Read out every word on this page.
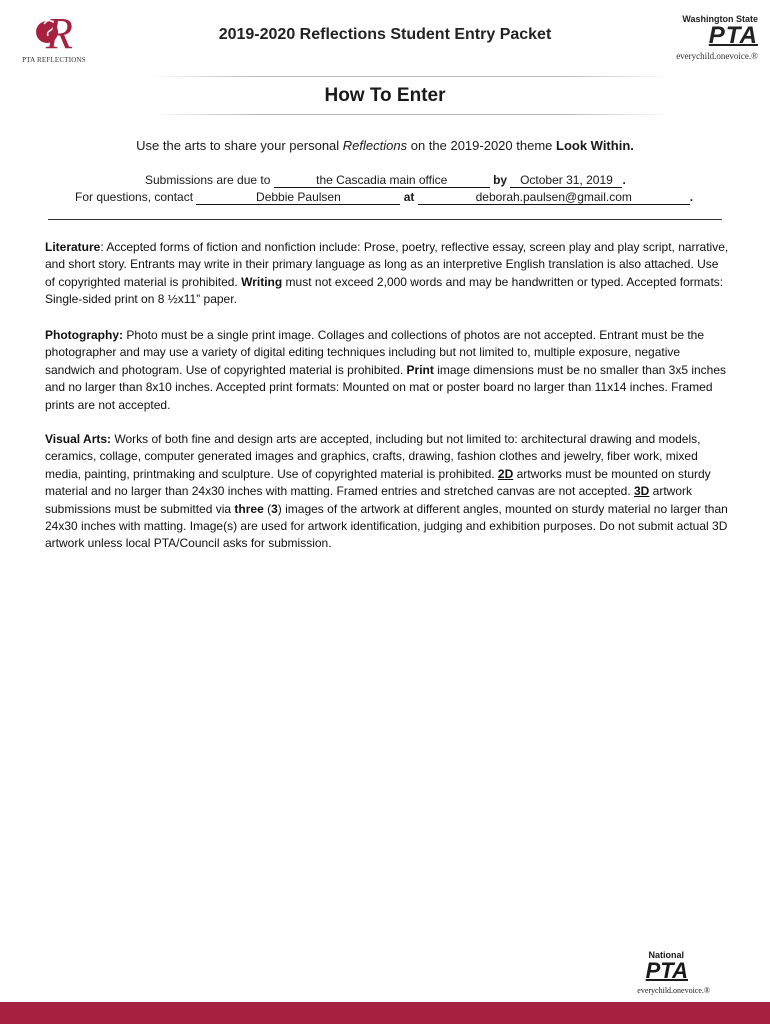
R
PTA REFLECTIONS
2019-2020 Reflections Student Entry Packet
Washington State
PTA
everychild.onevoice.®
How To Enter
Use the arts to share your personal Reflections on the 2019-2020 theme Look Within.
Submissions are due to	the Cascadia main office	by October 31, 2019 .
For questions, contact	Debbie Paulsen	at	deborah.paulsen@gmail.com	.
Literature: Accepted forms of fiction and nonfiction include: Prose, poetry, reflective essay, screen play and play script, narrative, and short story. Entrants may write in their primary language as long as an interpretive English translation is also attached. Use of copyrighted material is prohibited. Writing must not exceed 2,000 words and may be handwritten or typed. Accepted formats: Single-sided print on 8 ½x11” paper.
Photography: Photo must be a single print image. Collages and collections of photos are not accepted. Entrant must be the photographer and may use a variety of digital editing techniques including but not limited to, multiple exposure, negative sandwich and photogram. Use of copyrighted material is prohibited. Print image dimensions must be no smaller than 3x5 inches and no larger than 8x10 inches. Accepted print formats: Mounted on mat or poster board no larger than 11x14 inches. Framed prints are not accepted.
Visual Arts: Works of both fine and design arts are accepted, including but not limited to: architectural drawing and models, ceramics, collage, computer generated images and graphics, crafts, drawing, fashion clothes and jewelry, fiber work, mixed media, painting, printmaking and sculpture. Use of copyrighted material is prohibited. 2D artworks must be mounted on sturdy material and no larger than 24x30 inches with matting. Framed entries and stretched canvas are not accepted. 3D artwork submissions must be submitted via three (3) images of the artwork at different angles, mounted on sturdy material no larger than 24x30 inches with matting. Image(s) are used for artwork identification, judging and exhibition purposes. Do not submit actual 3D artwork unless local PTA/Council asks for submission.
National
PTA
everychild.onevoice.®
